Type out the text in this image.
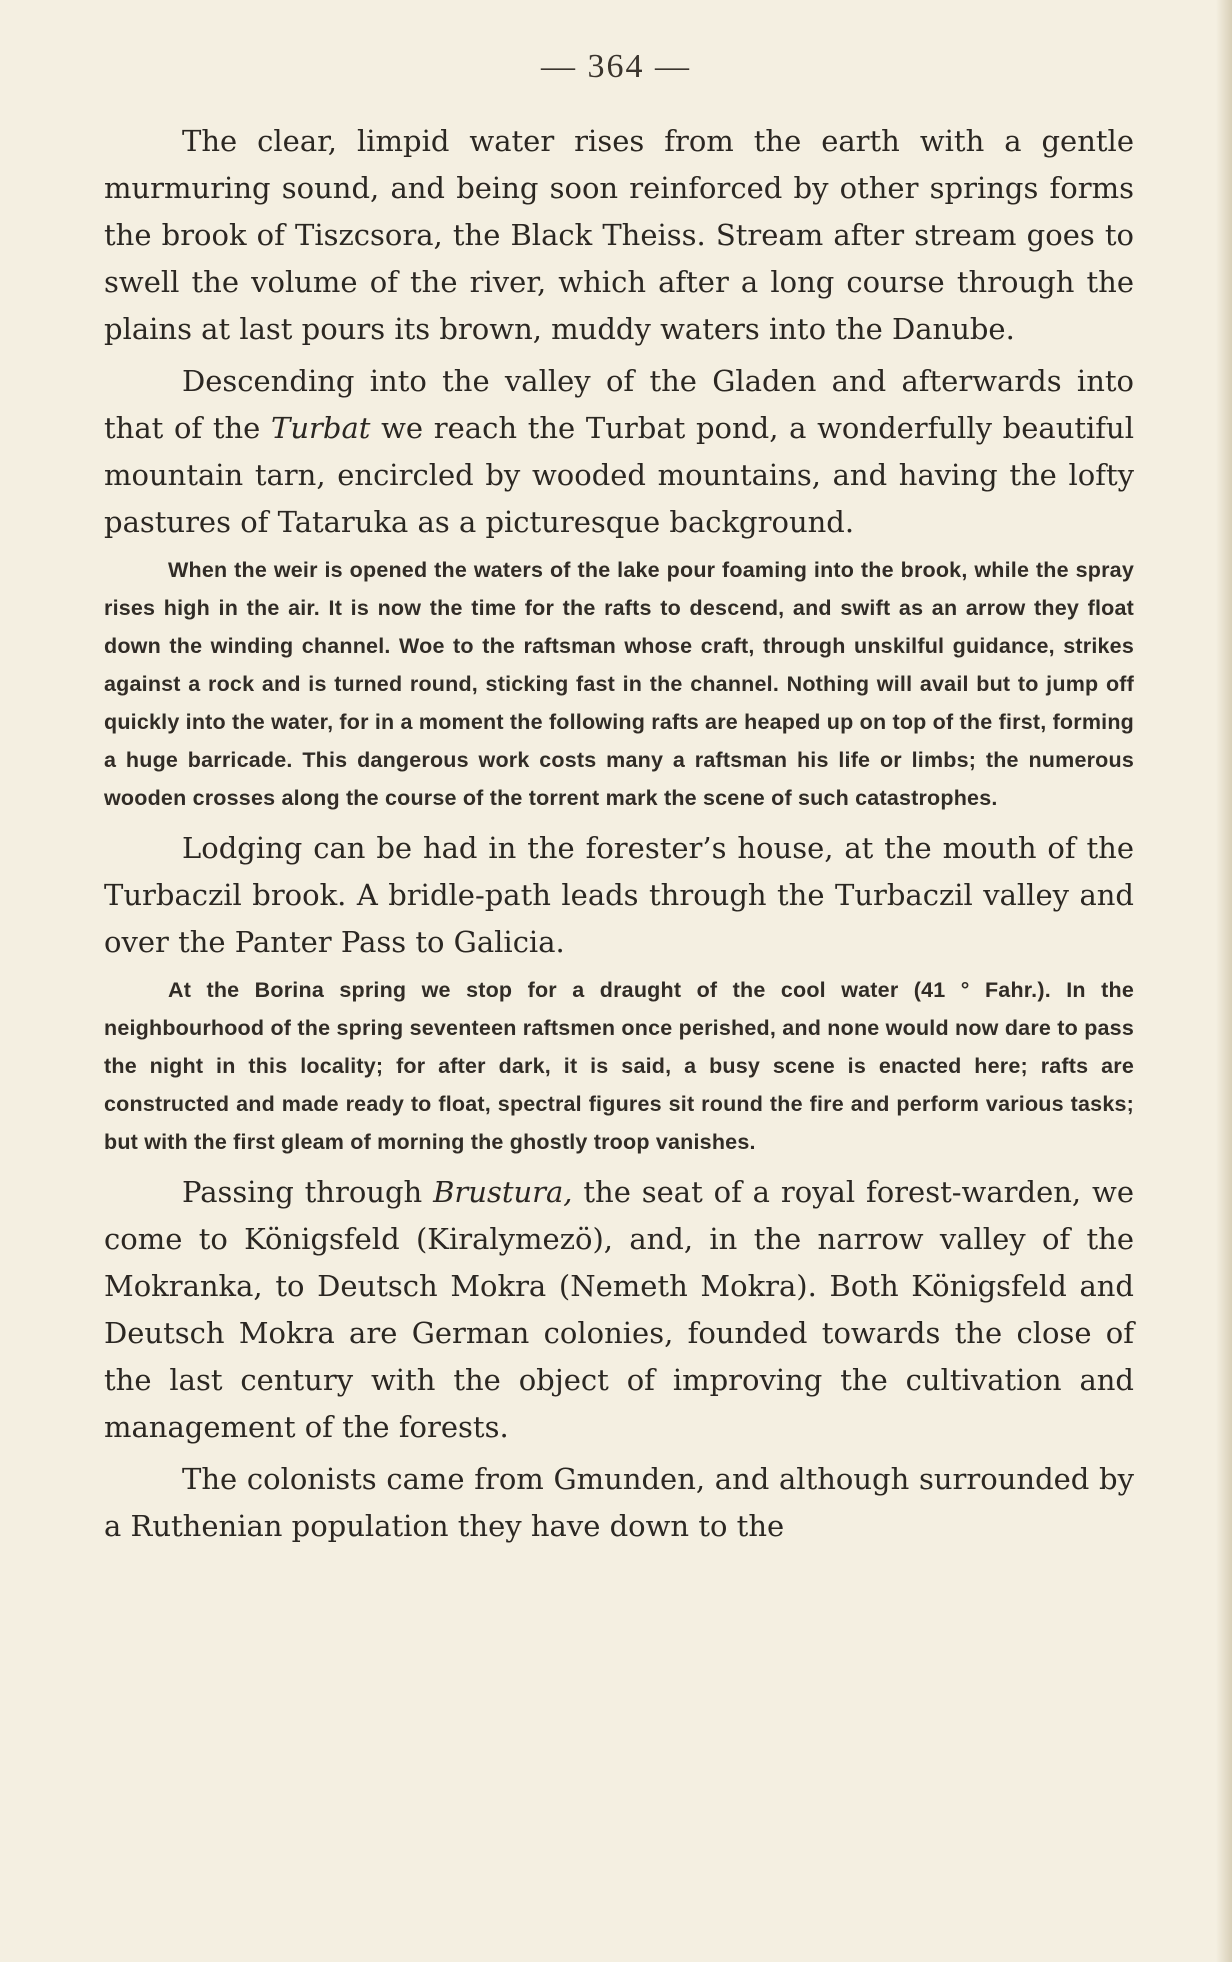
— 364 —

The clear, limpid water rises from the earth with a gentle murmuring sound, and being soon reinforced by other springs forms the brook of Tiszcsora, the Black Theiss. Stream after stream goes to swell the volume of the river, which after a long course through the plains at last pours its brown, muddy waters into the Danube.

Descending into the valley of the Gladen and afterwards into that of the Turbat we reach the Turbat pond, a wonderfully beautiful mountain tarn, encircled by wooded mountains, and having the lofty pastures of Tataruka as a picturesque background.

When the weir is opened the waters of the lake pour foaming into the brook, while the spray rises high in the air. It is now the time for the rafts to descend, and swift as an arrow they float down the winding channel. Woe to the raftsman whose craft, through unskilful guidance, strikes against a rock and is turned round, sticking fast in the channel. Nothing will avail but to jump off quickly into the water, for in a moment the following rafts are heaped up on top of the first, forming a huge barricade. This dangerous work costs many a raftsman his life or limbs; the numerous wooden crosses along the course of the torrent mark the scene of such catastrophes.

Lodging can be had in the forester’s house, at the mouth of the Turbaczil brook. A bridle-path leads through the Turbaczil valley and over the Panter Pass to Galicia.

At the Borina spring we stop for a draught of the cool water (41 ° Fahr.). In the neighbourhood of the spring seventeen raftsmen once perished, and none would now dare to pass the night in this locality; for after dark, it is said, a busy scene is enacted here; rafts are constructed and made ready to float, spectral figures sit round the fire and perform various tasks; but with the first gleam of morning the ghostly troop vanishes.

Passing through Brustura, the seat of a royal forest-warden, we come to Königsfeld (Kiralymezö), and, in the narrow valley of the Mokranka, to Deutsch Mokra (Nemeth Mokra). Both Königsfeld and Deutsch Mokra are German colonies, founded towards the close of the last century with the object of improving the cultivation and management of the forests.

The colonists came from Gmunden, and although surrounded by a Ruthenian population they have down to the
